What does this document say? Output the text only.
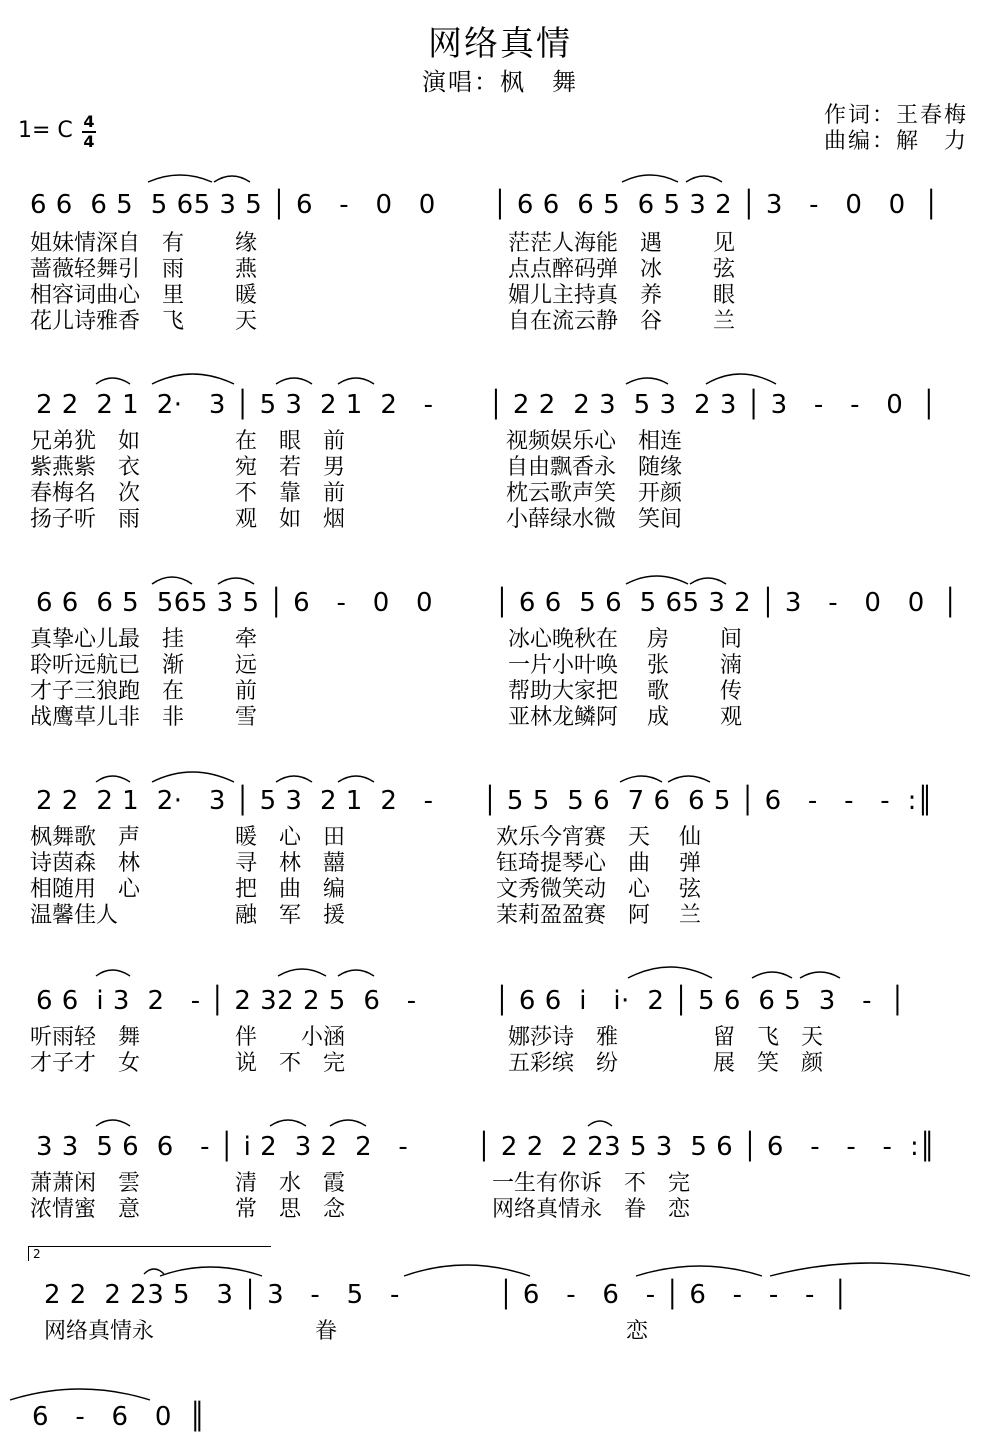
网络真情
演唱：枫　舞
作词：王春梅
曲编：解　力
1= C 4
4
6 6  6 5  5 65 3 5 │ 6   -   0   0 │ 6 6  6 5  6 5 3 2 │ 3   -   0   0  │
姐妹情深自　有　　 缘
蔷薇轻舞引　雨　　 燕
相容词曲心　里　　 暖
花儿诗雅香　飞　　 天
茫茫人海能　遇　　 见
点点醉码弹　冰　　 弦
媚儿主持真　养　　 眼
自在流云静　谷　　 兰
2 2  2 1  2·   3 │ 5 3  2 1  2   - │ 2 2  2 3  5 3  2 3 │ 3   -   -   0  │
兄弟犹　如　　　　 在　眼　前
紫燕紫　衣　　　　 宛　若　男
春梅名　次　　　　 不　靠　前
扬子听　雨　　　　 观　如　烟
视频娱乐心　相连
自由飘香永　随缘
枕云歌声笑　开颜
小薛绿水微　笑间
6 6  6 5  565 3 5 │ 6   -   0   0 │ 6 6  5 6  5 65 3 2 │ 3   -   0   0  │
真挚心儿最　挂　　 牵
聆听远航已　渐　　 远
才子三狼跑　在　　 前
战鹰草儿非　非　　 雪
冰心晚秋在　 房　　 间
一片小叶唤　 张　　 湳
帮助大家把　 歌　　 传
亚林龙鳞阿　 成　　 观
2 2  2 1  2·   3 │ 5 3  2 1  2   - │ 5 5  5 6  7 6  6 5 │ 6   -   -   -  :║
枫舞歌　声　　　　 暖　心　田
诗茵森　林　　　　 寻　林　囍
相随用　心　　　　 把　曲　编
温馨佳人　　　　　 融　军　援
欢乐今宵赛　天　 仙
钰琦提琴心　曲　 弹
文秀微笑动　心　 弦
茉莉盈盈赛　阿　 兰
6 6  i 3  2   - │ 2 32 2 5  6   -	│ 6 6  i   i·  2 │ 5 6  6 5  3   -  │
听雨轻　舞　　　　 伴　　小涵
才子才　女　　　　 说　不　完
娜莎诗　雅　　　　 留　飞　天
五彩缤　纷　　　　 展　笑　颜
3 3  5 6  6   - │ i 2  3 2  2   -	│ 2 2  2 23 5 3  5 6 │ 6   -   -   -  :║
萧萧闲　雲　　　　 清　水　霞
浓情蜜　意　　　　 常　思　念
一生有你诉　不　完
网络真情永　眷　恋
2
2 2  2 23 5   3 │ 3   -   5   -	│ 6   -   6   - │ 6   -   -   -  │
网络真情永　　　　　　　 眷	恋
6   -   6   0  ║
